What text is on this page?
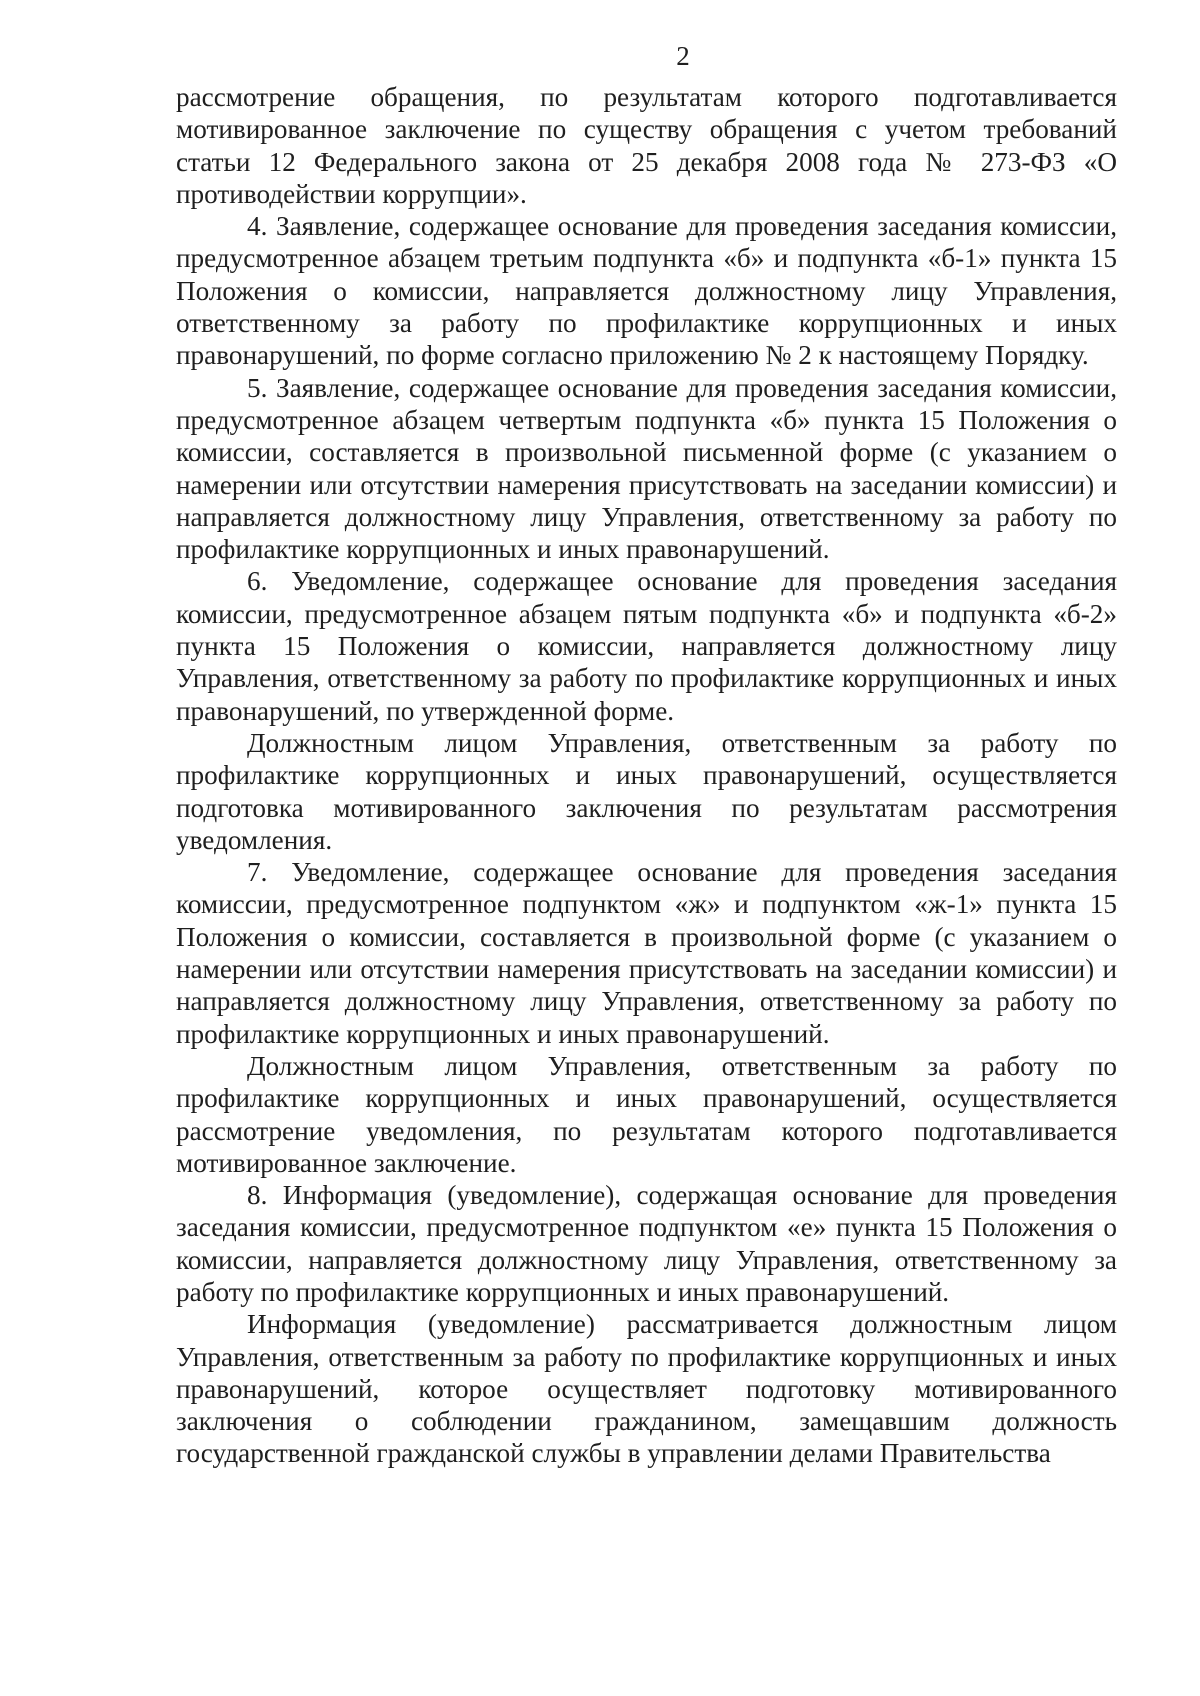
2

рассмотрение обращения, по результатам которого подготавливается мотивированное заключение по существу обращения с учетом требований статьи 12 Федерального закона от 25 декабря 2008 года № 273-ФЗ «О противодействии коррупции».

4. Заявление, содержащее основание для проведения заседания комиссии, предусмотренное абзацем третьим подпункта «б» и подпункта «б-1» пункта 15 Положения о комиссии, направляется должностному лицу Управления, ответственному за работу по профилактике коррупционных и иных правонарушений, по форме согласно приложению № 2 к настоящему Порядку.

5. Заявление, содержащее основание для проведения заседания комиссии, предусмотренное абзацем четвертым подпункта «б» пункта 15 Положения о комиссии, составляется в произвольной письменной форме (с указанием о намерении или отсутствии намерения присутствовать на заседании комиссии) и направляется должностному лицу Управления, ответственному за работу по профилактике коррупционных и иных правонарушений.

6. Уведомление, содержащее основание для проведения заседания комиссии, предусмотренное абзацем пятым подпункта «б» и подпункта «б-2» пункта 15 Положения о комиссии, направляется должностному лицу Управления, ответственному за работу по профилактике коррупционных и иных правонарушений, по утвержденной форме.

Должностным лицом Управления, ответственным за работу по профилактике коррупционных и иных правонарушений, осуществляется подготовка мотивированного заключения по результатам рассмотрения уведомления.

7. Уведомление, содержащее основание для проведения заседания комиссии, предусмотренное подпунктом «ж» и подпунктом «ж-1» пункта 15 Положения о комиссии, составляется в произвольной форме (с указанием о намерении или отсутствии намерения присутствовать на заседании комиссии) и направляется должностному лицу Управления, ответственному за работу по профилактике коррупционных и иных правонарушений.

Должностным лицом Управления, ответственным за работу по профилактике коррупционных и иных правонарушений, осуществляется рассмотрение уведомления, по результатам которого подготавливается мотивированное заключение.

8. Информация (уведомление), содержащая основание для проведения заседания комиссии, предусмотренное подпунктом «е» пункта 15 Положения о комиссии, направляется должностному лицу Управления, ответственному за работу по профилактике коррупционных и иных правонарушений.

Информация (уведомление) рассматривается должностным лицом Управления, ответственным за работу по профилактике коррупционных и иных правонарушений, которое осуществляет подготовку мотивированного заключения о соблюдении гражданином, замещавшим должность государственной гражданской службы в управлении делами Правительства
